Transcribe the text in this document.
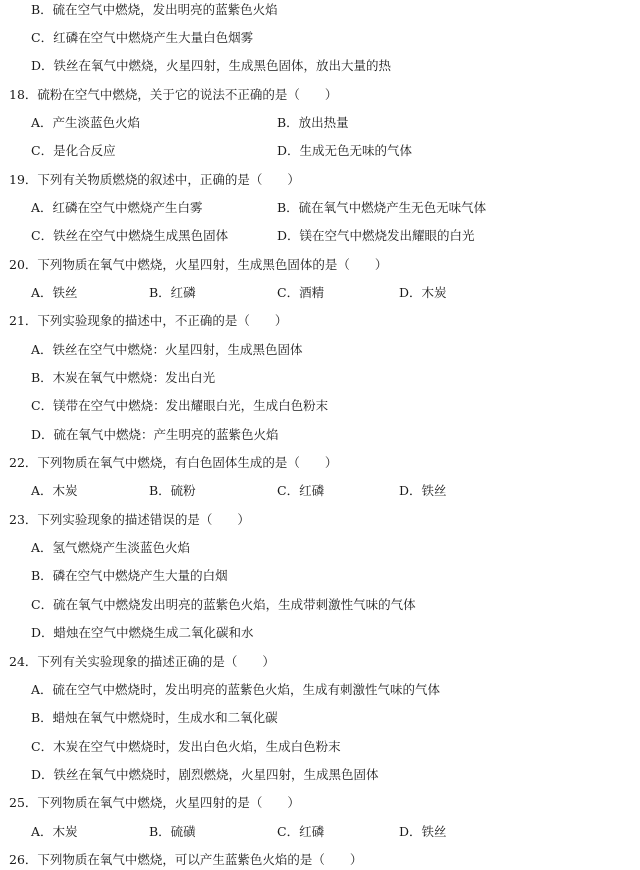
B．硫在空气中燃烧，发出明亮的蓝紫色火焰
C．红磷在空气中燃烧产生大量白色烟雾
D．铁丝在氧气中燃烧，火星四射，生成黑色固体，放出大量的热
18．硫粉在空气中燃烧，关于它的说法不正确的是（　　）
A．产生淡蓝色火焰	B．放出热量
C．是化合反应	D．生成无色无味的气体
19．下列有关物质燃烧的叙述中，正确的是（　　）
A．红磷在空气中燃烧产生白雾	B．硫在氧气中燃烧产生无色无味气体
C．铁丝在空气中燃烧生成黑色固体	D．镁在空气中燃烧发出耀眼的白光
20．下列物质在氧气中燃烧，火星四射，生成黑色固体的是（　　）
A．铁丝	B．红磷	C．酒精	D．木炭
21．下列实验现象的描述中，不正确的是（　　）
A．铁丝在空气中燃烧：火星四射，生成黑色固体
B．木炭在氧气中燃烧：发出白光
C．镁带在空气中燃烧：发出耀眼白光，生成白色粉末
D．硫在氧气中燃烧：产生明亮的蓝紫色火焰
22．下列物质在氧气中燃烧，有白色固体生成的是（　　）
A．木炭	B．硫粉	C．红磷	D．铁丝
23．下列实验现象的描述错误的是（　　）
A．氢气燃烧产生淡蓝色火焰
B．磷在空气中燃烧产生大量的白烟
C．硫在氧气中燃烧发出明亮的蓝紫色火焰，生成带刺激性气味的气体
D．蜡烛在空气中燃烧生成二氧化碳和水
24．下列有关实验现象的描述正确的是（　　）
A．硫在空气中燃烧时，发出明亮的蓝紫色火焰，生成有刺激性气味的气体
B．蜡烛在氧气中燃烧时，生成水和二氧化碳
C．木炭在空气中燃烧时，发出白色火焰，生成白色粉末
D．铁丝在氧气中燃烧时，剧烈燃烧，火星四射，生成黑色固体
25．下列物质在氧气中燃烧，火星四射的是（　　）
A．木炭	B．硫磺	C．红磷	D．铁丝
26．下列物质在氧气中燃烧，可以产生蓝紫色火焰的是（　　）
